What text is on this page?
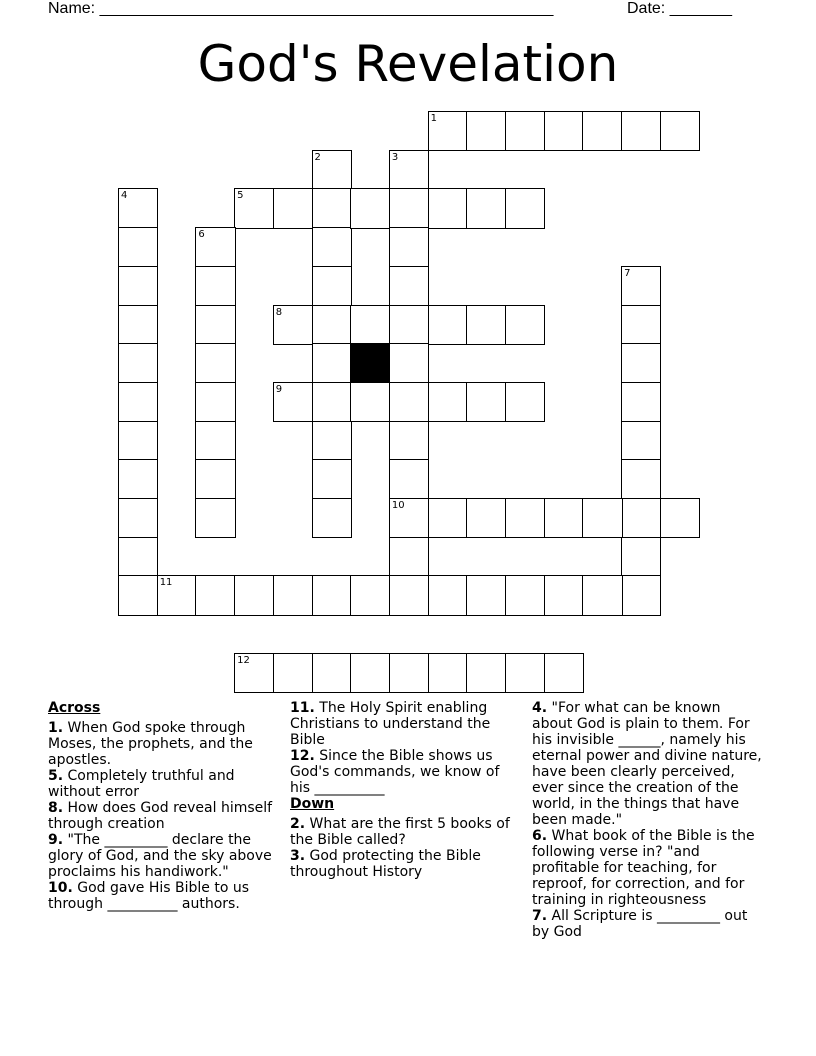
Name: ___________________________________________________	Date: _______
God's Revelation
1
2	3
10
4	5
6
7
8
9
11
12
Across
1. When God spoke through Moses, the prophets, and the apostles.
5. Completely truthful and without error
8. How does God reveal himself through creation
9. "The _________ declare the glory of God, and the sky above proclaims his handiwork."
10. God gave His Bible to us through __________ authors.
11. The Holy Spirit enabling Christians to understand the Bible
12. Since the Bible shows us God's commands, we know of his __________
Down
2. What are the first 5 books of the Bible called?
3. God protecting the Bible throughout History
4. "For what can be known about God is plain to them. For his invisible ______, namely his eternal power and divine nature, have been clearly perceived, ever since the creation of the world, in the things that have been made."
6. What book of the Bible is the following verse in? "and profitable for teaching, for reproof, for correction, and for training in righteousness
7. All Scripture is _________ out by God
